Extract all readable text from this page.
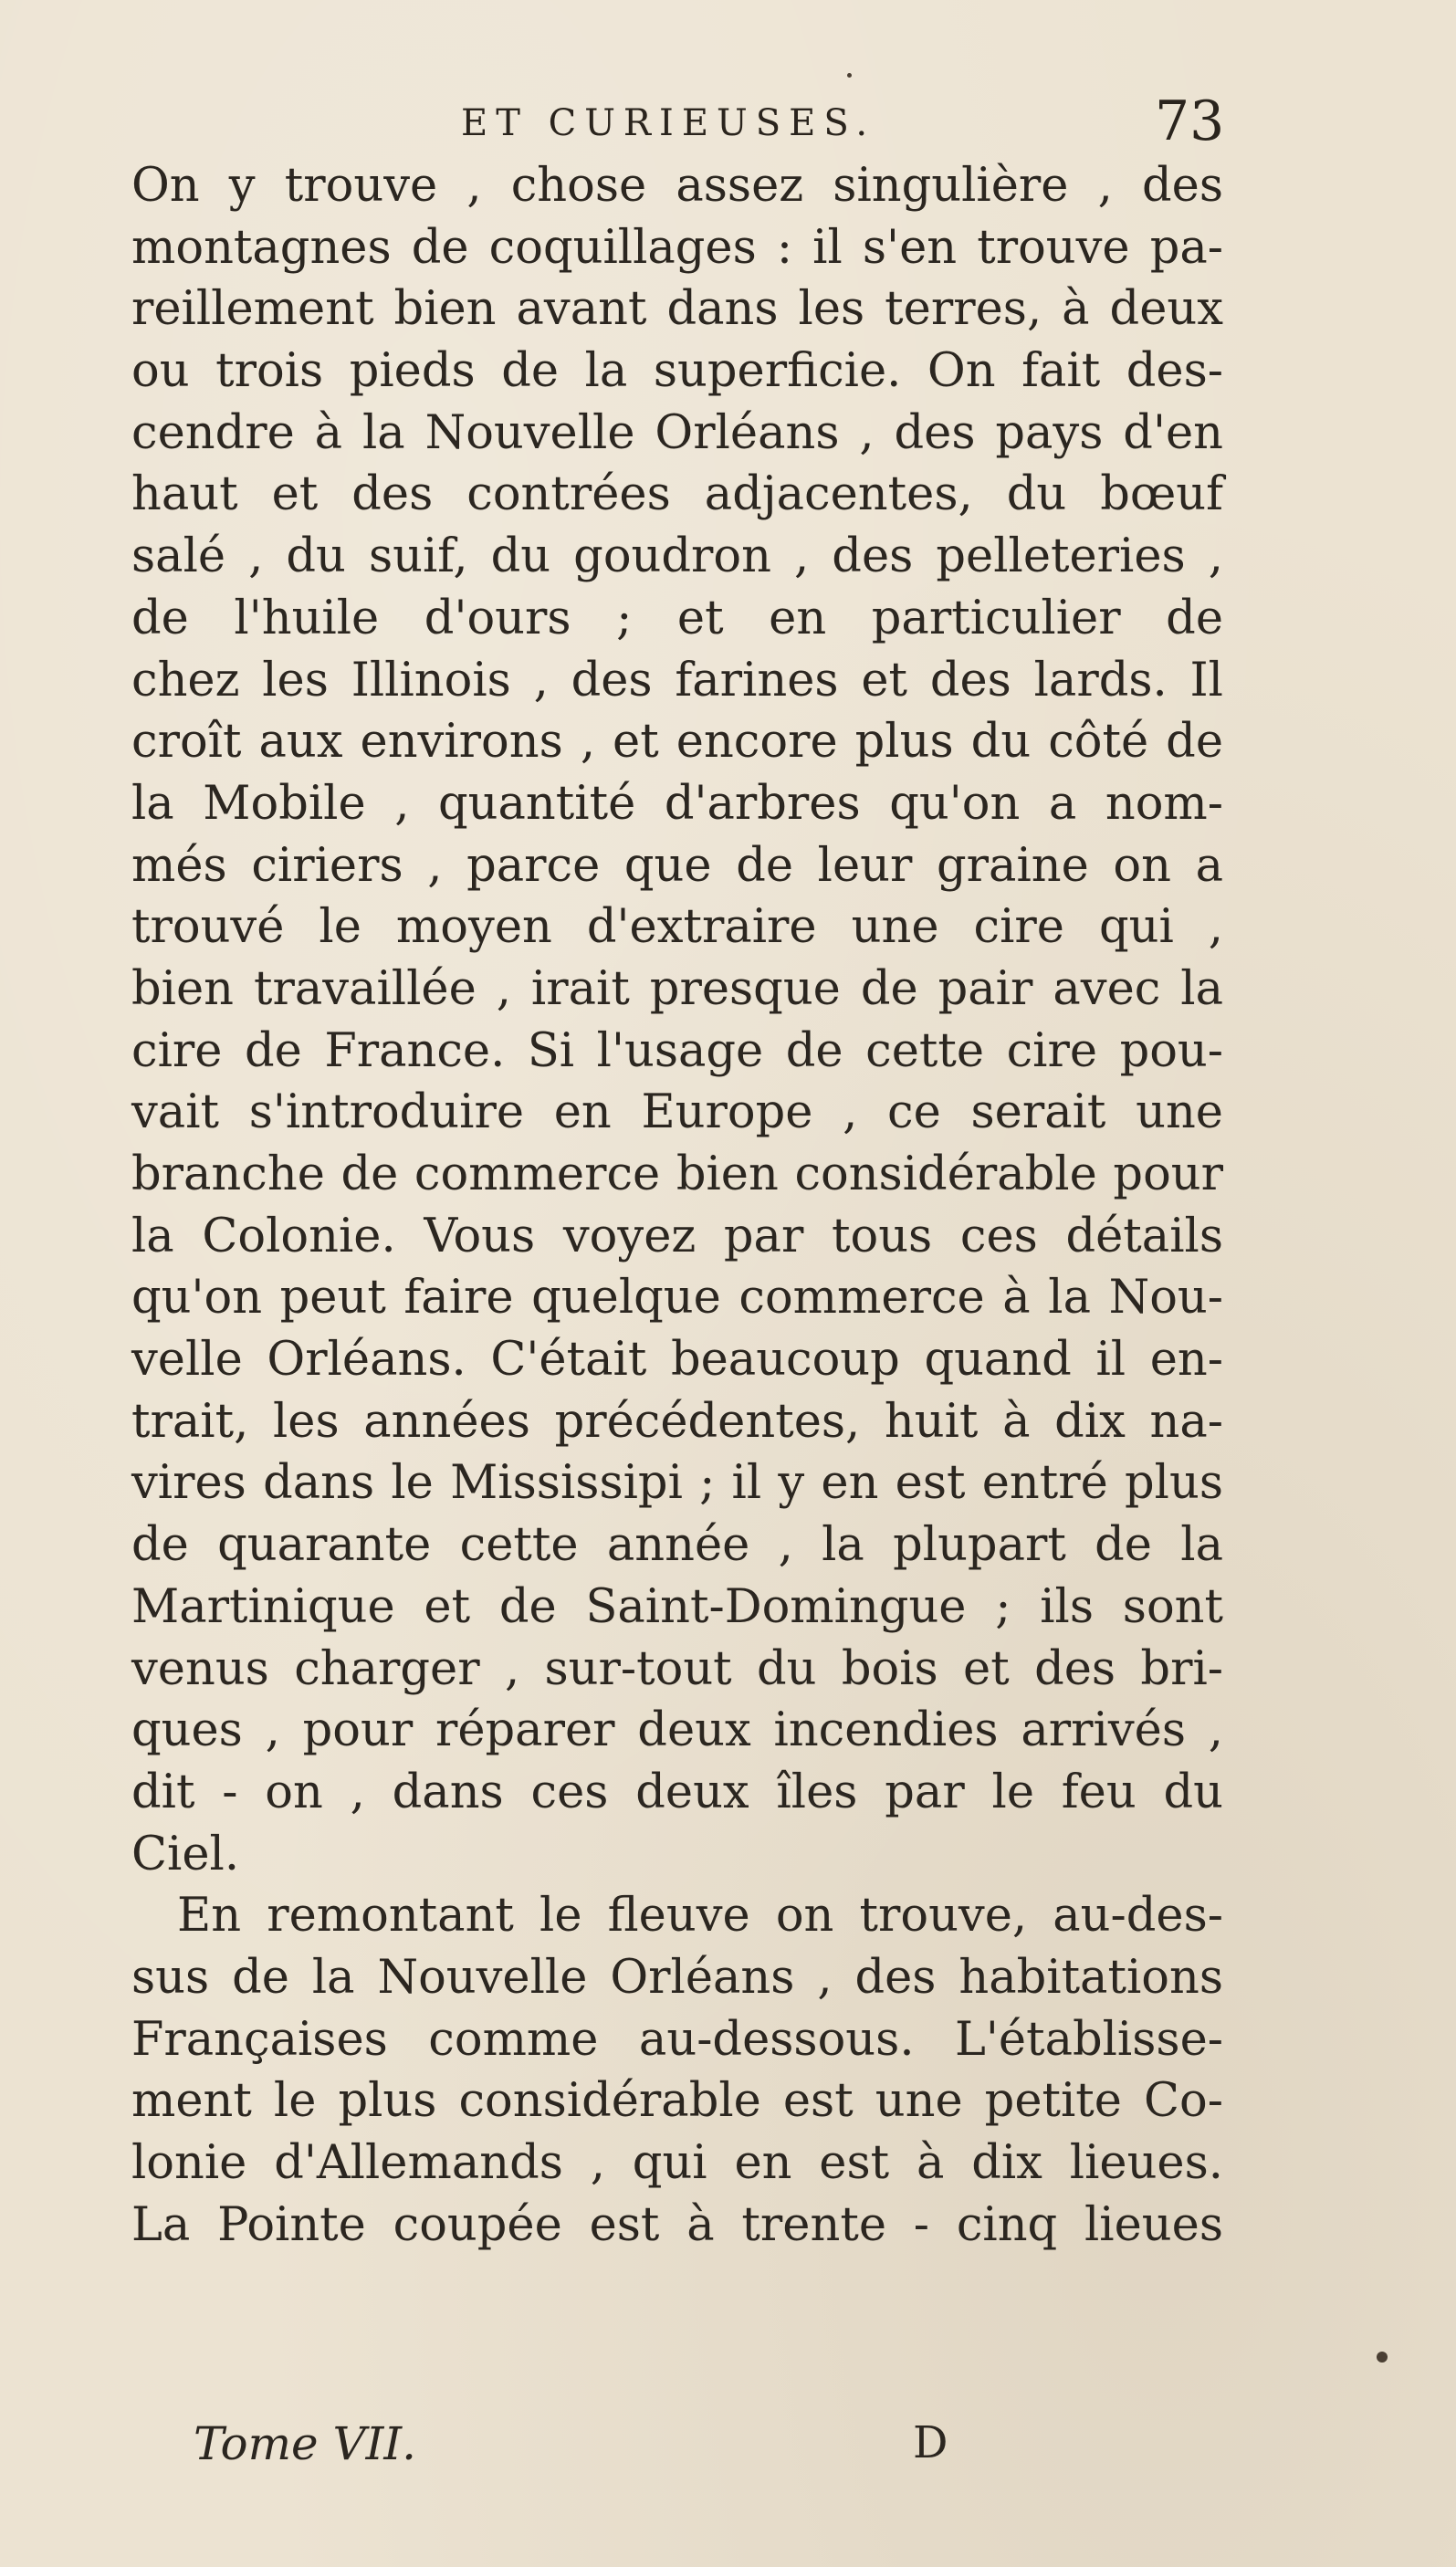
ET CURIEUSES.	73
On y trouve , chose assez singulière , des
montagnes de coquillages : il s'en trouve pa-
reillement bien avant dans les terres, à deux
ou trois pieds de la superficie. On fait des-
cendre à la Nouvelle Orléans , des pays d'en
haut et des contrées adjacentes, du bœuf
salé , du suif, du goudron , des pelleteries ,
de l'huile d'ours ; et en particulier de
chez les Illinois , des farines et des lards. Il
croît aux environs , et encore plus du côté de
la Mobile , quantité d'arbres qu'on a nom-
més ciriers , parce que de leur graine on a
trouvé le moyen d'extraire une cire qui ,
bien travaillée , irait presque de pair avec la
cire de France. Si l'usage de cette cire pou-
vait s'introduire en Europe , ce serait une
branche de commerce bien considérable pour
la Colonie. Vous voyez par tous ces détails
qu'on peut faire quelque commerce à la Nou-
velle Orléans. C'était beaucoup quand il en-
trait, les années précédentes, huit à dix na-
vires dans le Mississipi ; il y en est entré plus
de quarante cette année , la plupart de la
Martinique et de Saint-Domingue ; ils sont
venus charger , sur-tout du bois et des bri-
ques , pour réparer deux incendies arrivés ,
dit - on , dans ces deux îles par le feu du
Ciel.
En remontant le fleuve on trouve, au-des-
sus de la Nouvelle Orléans , des habitations
Françaises comme au-dessous. L'établisse-
ment le plus considérable est une petite Co-
lonie d'Allemands , qui en est à dix lieues.
La Pointe coupée est à trente - cinq lieues
Tome VII.	D
